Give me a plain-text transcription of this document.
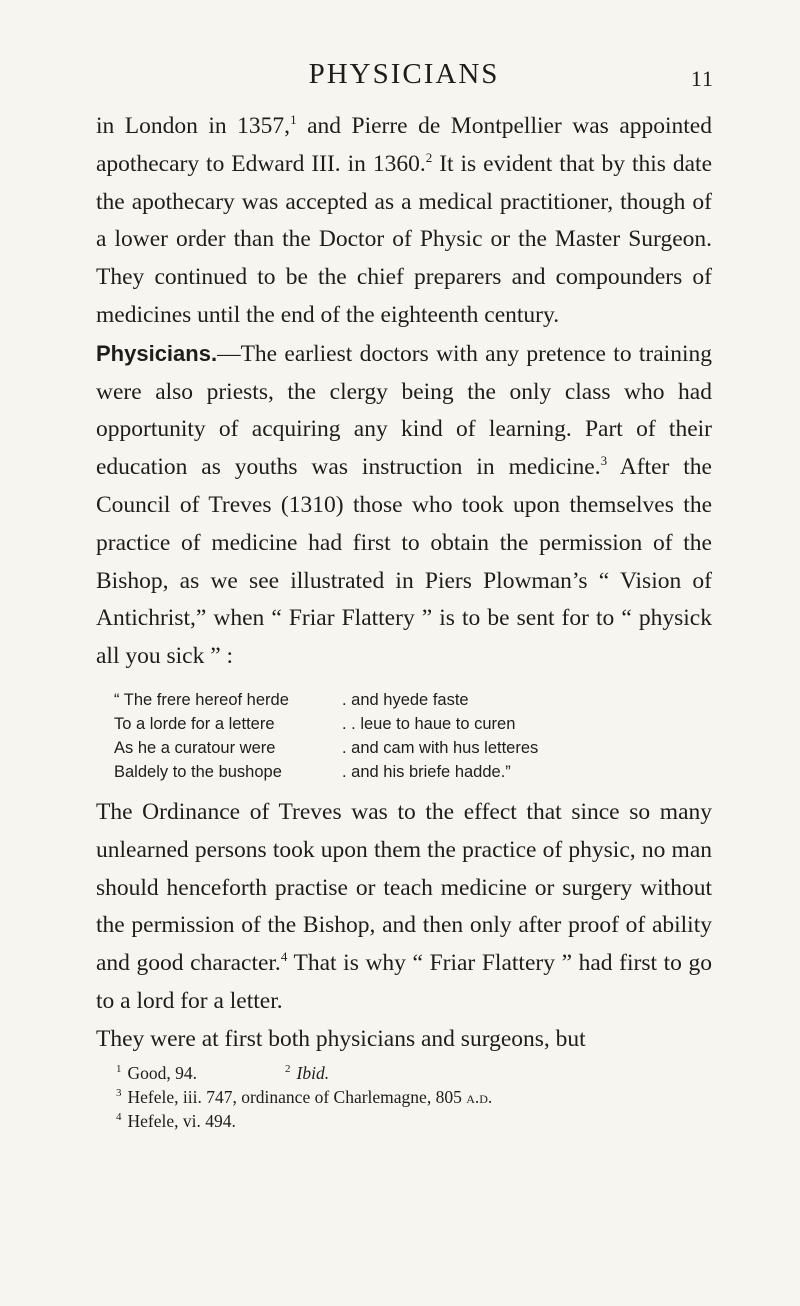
PHYSICIANS	11

in London in 1357,$^1$ and Pierre de Montpellier was appointed apothecary to Edward III. in 1360.$^2$ It is evident that by this date the apothecary was accepted as a medical practitioner, though of a lower order than the Doctor of Physic or the Master Surgeon. They continued to be the chief preparers and compounders of medicines until the end of the eighteenth century.

Physicians.—The earliest doctors with any pretence to training were also priests, the clergy being the only class who had opportunity of acquiring any kind of learning. Part of their education as youths was instruction in medicine.$^3$ After the Council of Treves (1310) those who took upon themselves the practice of medicine had first to obtain the permission of the Bishop, as we see illustrated in Piers Plowman’s “ Vision of Antichrist,” when “ Friar Flattery ” is to be sent for to “ physick all you sick ” :

“ The frere hereof herde	. and hyede faste
To a lorde for a lettere	. . leue to haue to curen
As he a curatour were	. and cam with hus letteres
Baldely to the bushope	. and his briefe hadde.”

The Ordinance of Treves was to the effect that since so many unlearned persons took upon them the practice of physic, no man should henceforth practise or teach medicine or surgery without the permission of the Bishop, and then only after proof of ability and good character.$^4$ That is why “ Friar Flattery ” had first to go to a lord for a letter.

They were at first both physicians and surgeons, but

$^1$ Good, 94.	$^2$ Ibid.
$^3$ Hefele, iii. 747, ordinance of Charlemagne, 805 a.d.
$^4$ Hefele, vi. 494.
